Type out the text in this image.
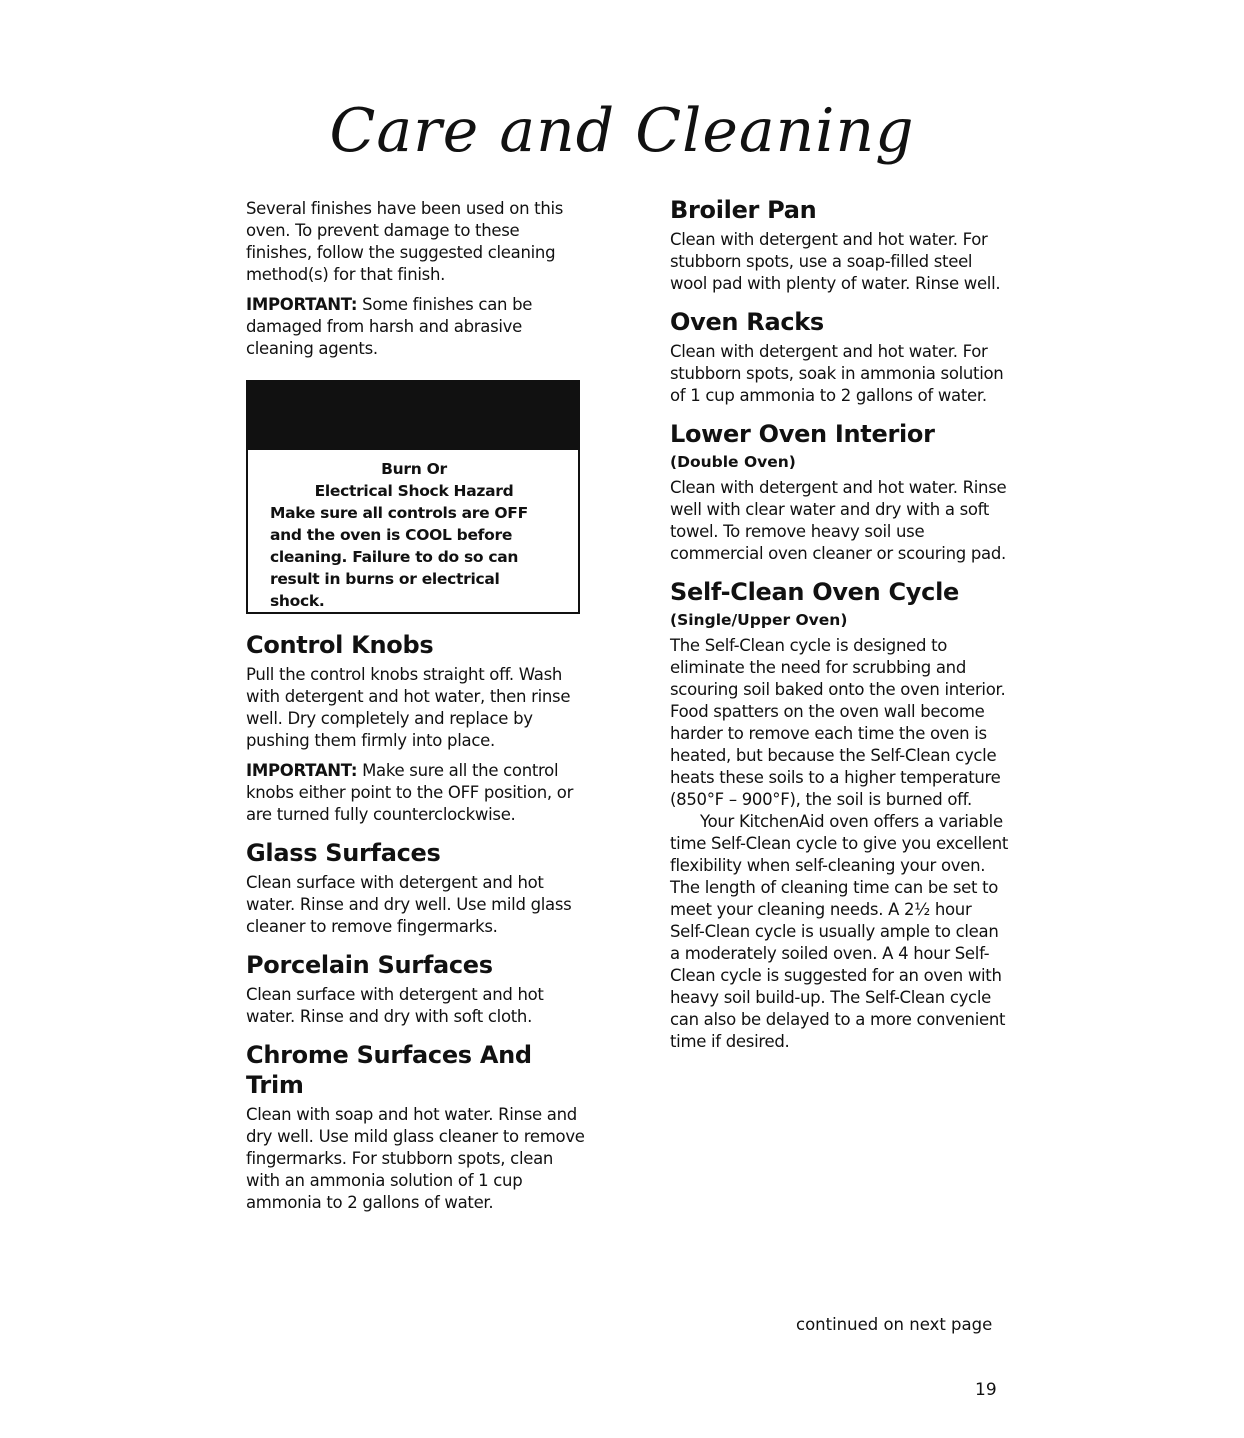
Care and Cleaning

Several finishes have been used on this oven. To prevent damage to these finishes, follow the suggested cleaning method(s) for that finish.

IMPORTANT: Some finishes can be damaged from harsh and abrasive cleaning agents.

Burn Or
Electrical Shock Hazard
Make sure all controls are OFF and the oven is COOL before cleaning. Failure to do so can result in burns or electrical shock.
Control Knobs

Pull the control knobs straight off. Wash with detergent and hot water, then rinse well. Dry completely and replace by pushing them firmly into place.

IMPORTANT: Make sure all the control knobs either point to the OFF position, or are turned fully counterclockwise.

Glass Surfaces

Clean surface with detergent and hot water. Rinse and dry well. Use mild glass cleaner to remove fingermarks.

Porcelain Surfaces

Clean surface with detergent and hot water. Rinse and dry with soft cloth.

Chrome Surfaces And Trim

Clean with soap and hot water. Rinse and dry well. Use mild glass cleaner to remove fingermarks. For stubborn spots, clean with an ammonia solution of 1 cup ammonia to 2 gallons of water.

Broiler Pan

Clean with detergent and hot water. For stubborn spots, use a soap-filled steel wool pad with plenty of water. Rinse well.

Oven Racks

Clean with detergent and hot water. For stubborn spots, soak in ammonia solution of 1 cup ammonia to 2 gallons of water.

Lower Oven Interior
(Double Oven)

Clean with detergent and hot water. Rinse well with clear water and dry with a soft towel. To remove heavy soil use commercial oven cleaner or scouring pad.

Self-Clean Oven Cycle
(Single/Upper Oven)

The Self-Clean cycle is designed to eliminate the need for scrubbing and scouring soil baked onto the oven interior. Food spatters on the oven wall become harder to remove each time the oven is heated, but because the Self-Clean cycle heats these soils to a higher temperature (850°F – 900°F), the soil is burned off.

Your KitchenAid oven offers a variable time Self-Clean cycle to give you excellent flexibility when self-cleaning your oven. The length of cleaning time can be set to meet your cleaning needs. A 2½ hour Self-Clean cycle is usually ample to clean a moderately soiled oven. A 4 hour Self-Clean cycle is suggested for an oven with heavy soil build-up. The Self-Clean cycle can also be delayed to a more convenient time if desired.

continued on next page
19
